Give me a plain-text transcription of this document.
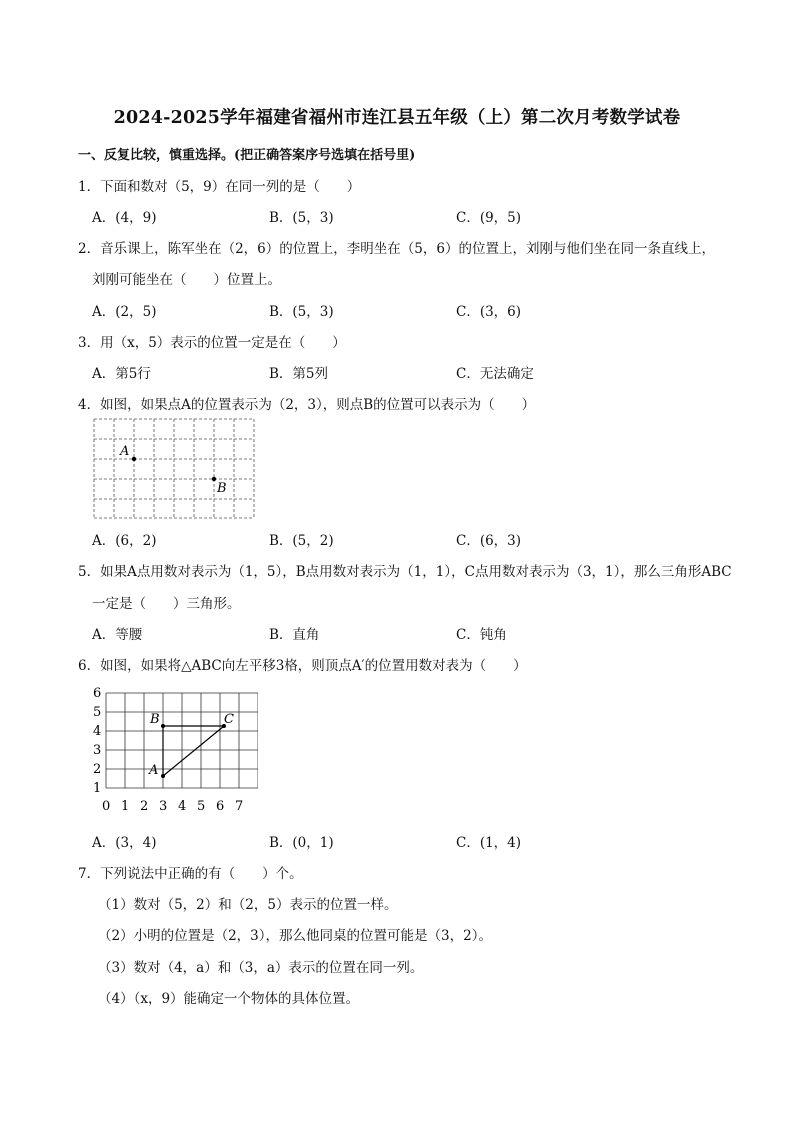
2024-2025学年福建省福州市连江县五年级（上）第二次月考数学试卷
一、反复比较，慎重选择。(把正确答案序号选填在括号里)
1．下面和数对（5，9）在同一列的是（　　）
A．(4，9)	B．(5，3)	C．(9，5)
2．音乐课上，陈军坐在（2，6）的位置上，李明坐在（5，6）的位置上，刘刚与他们坐在同一条直线上，
刘刚可能坐在（　　）位置上。
A．(2，5)	B．(5，3)	C．(3，6)
3．用（x，5）表示的位置一定是在（　　）
A．第5行	B．第5列	C．无法确定
4．如图，如果点A的位置表示为（2，3），则点B的位置可以表示为（　　）
A
B
A．(6，2)	B．(5，2)	C．(6，3)
5．如果A点用数对表示为（1，5），B点用数对表示为（1，1），C点用数对表示为（3，1），那么三角形ABC
一定是（　　）三角形。
A．等腰	B．直角	C．钝角
6．如图，如果将△ABC向左平移3格，则顶点A′的位置用数对表为（　　）
A
B	C
6
5
4
3
2
1
0 1 2 3 4 5 6 7
A．(3，4)	B．(0，1)	C．(1，4)
7．下列说法中正确的有（　　）个。
（1）数对（5，2）和（2，5）表示的位置一样。
（2）小明的位置是（2，3），那么他同桌的位置可能是（3，2）。
（3）数对（4，a）和（3，a）表示的位置在同一列。
（4）（x，9）能确定一个物体的具体位置。
